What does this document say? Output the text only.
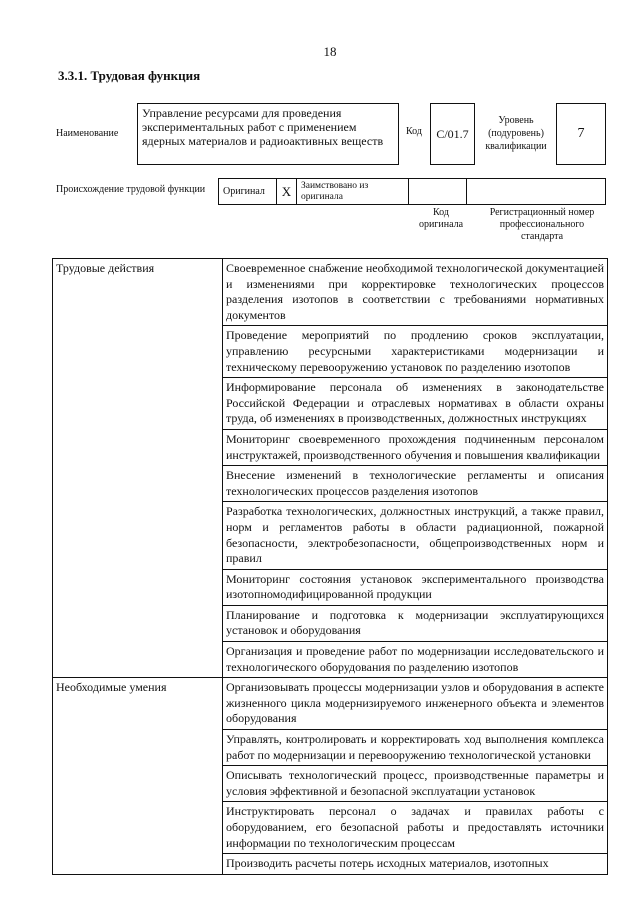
18
3.3.1. Трудовая функция
Наименование
Управление ресурсами для проведения экспериментальных работ с применением ядерных материалов и радиоактивных веществ
Код	C/01.7
Уровень (подуровень) квалификации
7
Происхождение трудовой функции	Оригинал	X	Заимствовано из оригинала
Код оригинала
Регистрационный номер профессионального стандарта
Трудовые действия	Своевременное снабжение необходимой технологической документацией и изменениями при корректировке технологических процессов разделения изотопов в соответствии с требованиями нормативных документов
	Проведение мероприятий по продлению сроков эксплуатации, управлению ресурсными характеристиками модернизации и техническому перевооружению установок по разделению изотопов
	Информирование персонала об изменениях в законодательстве Российской Федерации и отраслевых нормативах в области охраны труда, об изменениях в производственных, должностных инструкциях
	Мониторинг своевременного прохождения подчиненным персоналом инструктажей, производственного обучения и повышения квалификации
	Внесение изменений в технологические регламенты и описания технологических процессов разделения изотопов
	Разработка технологических, должностных инструкций, а также правил, норм и регламентов работы в области радиационной, пожарной безопасности, электробезопасности, общепроизводственных норм и правил
	Мониторинг состояния установок экспериментального производства изотопномодифицированной продукции
	Планирование и подготовка к модернизации эксплуатирующихся установок и оборудования
	Организация и проведение работ по модернизации исследовательского и технологического оборудования по разделению изотопов
Необходимые умения	Организовывать процессы модернизации узлов и оборудования в аспекте жизненного цикла модернизируемого инженерного объекта и элементов оборудования
	Управлять, контролировать и корректировать ход выполнения комплекса работ по модернизации и перевооружению технологической установки
	Описывать технологический процесс, производственные параметры и условия эффективной и безопасной эксплуатации установок
	Инструктировать персонал о задачах и правилах работы с оборудованием, его безопасной работы и предоставлять источники информации по технологическим процессам
	Производить расчеты потерь исходных материалов, изотопных
